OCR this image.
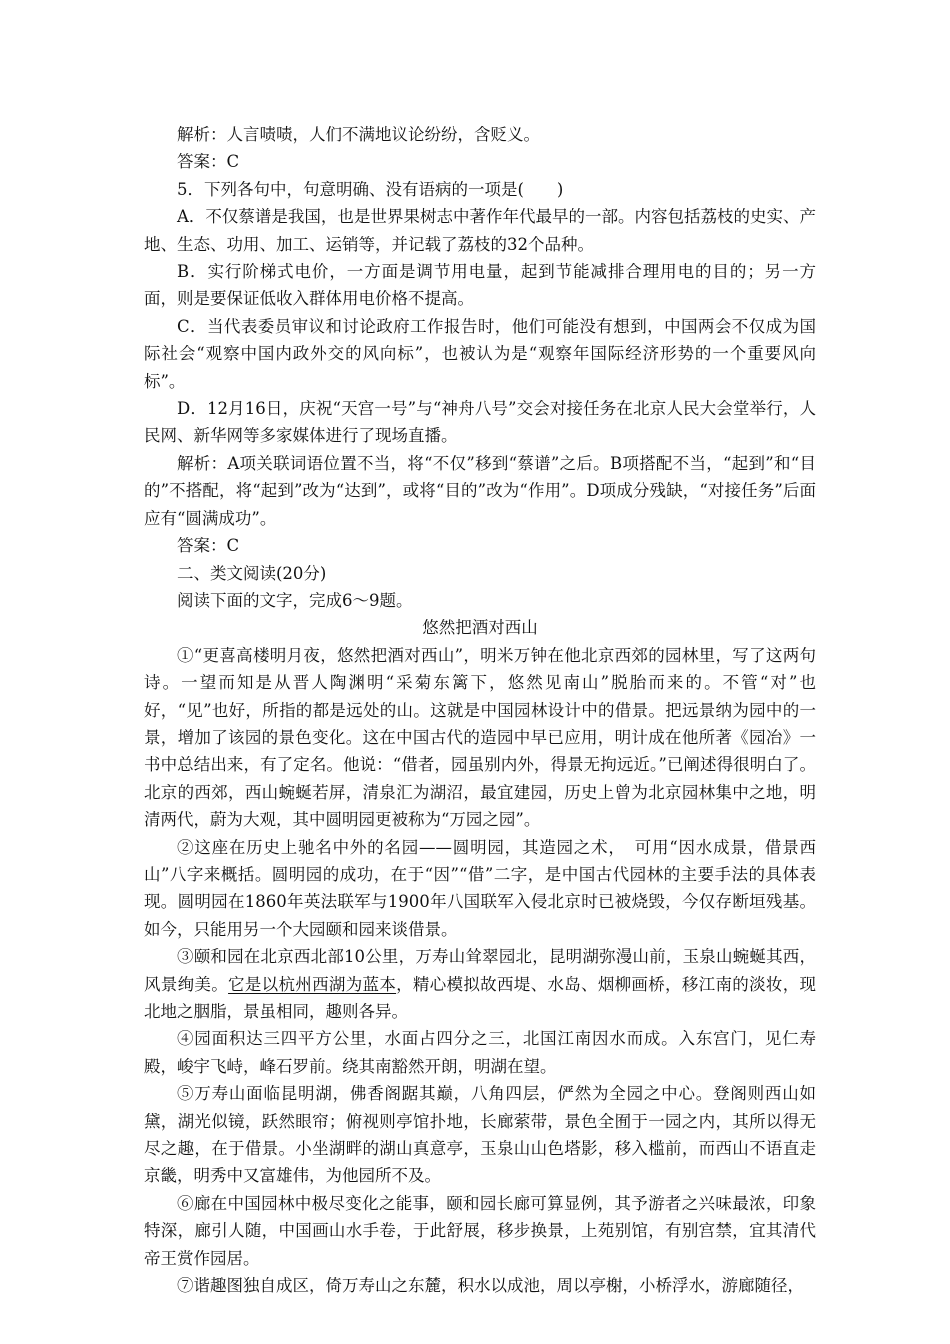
解析：人言啧啧，人们不满地议论纷纷，含贬义。

答案：C

5．下列各句中，句意明确、没有语病的一项是(　　)

A．不仅蔡谱是我国，也是世界果树志中著作年代最早的一部。内容包括荔枝的史实、产地、生态、功用、加工、运销等，并记载了荔枝的32个品种。

B．实行阶梯式电价，一方面是调节用电量，起到节能减排合理用电的目的；另一方面，则是要保证低收入群体用电价格不提高。

C．当代表委员审议和讨论政府工作报告时，他们可能没有想到，中国两会不仅成为国际社会“观察中国内政外交的风向标”，也被认为是“观察年国际经济形势的一个重要风向标”。

D．12月16日，庆祝“天宫一号”与“神舟八号”交会对接任务在北京人民大会堂举行，人民网、新华网等多家媒体进行了现场直播。

解析：A项关联词语位置不当，将“不仅”移到“蔡谱”之后。B项搭配不当，“起到”和“目的”不搭配，将“起到”改为“达到”，或将“目的”改为“作用”。D项成分残缺，“对接任务”后面应有“圆满成功”。

答案：C

二、类文阅读(20分)

阅读下面的文字，完成6～9题。

悠然把酒对西山

①“更喜高楼明月夜，悠然把酒对西山”，明米万钟在他北京西郊的园林里，写了这两句诗。一望而知是从晋人陶渊明“采菊东篱下，悠然见南山”脱胎而来的。不管“对”也好，“见”也好，所指的都是远处的山。这就是中国园林设计中的借景。把远景纳为园中的一景，增加了该园的景色变化。这在中国古代的造园中早已应用，明计成在他所著《园冶》一书中总结出来，有了定名。他说：“借者，园虽别内外，得景无拘远近。”已阐述得很明白了。北京的西郊，西山蜿蜒若屏，清泉汇为湖沼，最宜建园，历史上曾为北京园林集中之地，明清两代，蔚为大观，其中圆明园更被称为“万园之园”。

②这座在历史上驰名中外的名园——圆明园，其造园之术，　可用“因水成景，借景西山”八字来概括。圆明园的成功，在于“因”“借”二字，是中国古代园林的主要手法的具体表现。圆明园在1860年英法联军与1900年八国联军入侵北京时已被烧毁，今仅存断垣残基。如今，只能用另一个大园颐和园来谈借景。

③颐和园在北京西北部10公里，万寿山耸翠园北，昆明湖弥漫山前，玉泉山蜿蜒其西，风景绚美。它是以杭州西湖为蓝本，精心模拟故西堤、水岛、烟柳画桥，移江南的淡妆，现北地之胭脂，景虽相同，趣则各异。

④园面积达三四平方公里，水面占四分之三，北国江南因水而成。入东宫门，见仁寿殿，峻宇飞峙，峰石罗前。绕其南豁然开朗，明湖在望。

⑤万寿山面临昆明湖，佛香阁踞其巅，八角四层，俨然为全园之中心。登阁则西山如黛，湖光似镜，跃然眼帘；俯视则亭馆扑地，长廊萦带，景色全囿于一园之内，其所以得无尽之趣，在于借景。小坐湖畔的湖山真意亭，玉泉山山色塔影，移入槛前，而西山不语直走京畿，明秀中又富雄伟，为他园所不及。

⑥廊在中国园林中极尽变化之能事，颐和园长廊可算显例，其予游者之兴味最浓，印象特深，廊引人随，中国画山水手卷，于此舒展，移步换景，上苑别馆，有别宫禁，宜其清代帝王赏作园居。

⑦谐趣图独自成区，倚万寿山之东麓，积水以成池，周以亭榭，小桥浮水，游廊随径，
